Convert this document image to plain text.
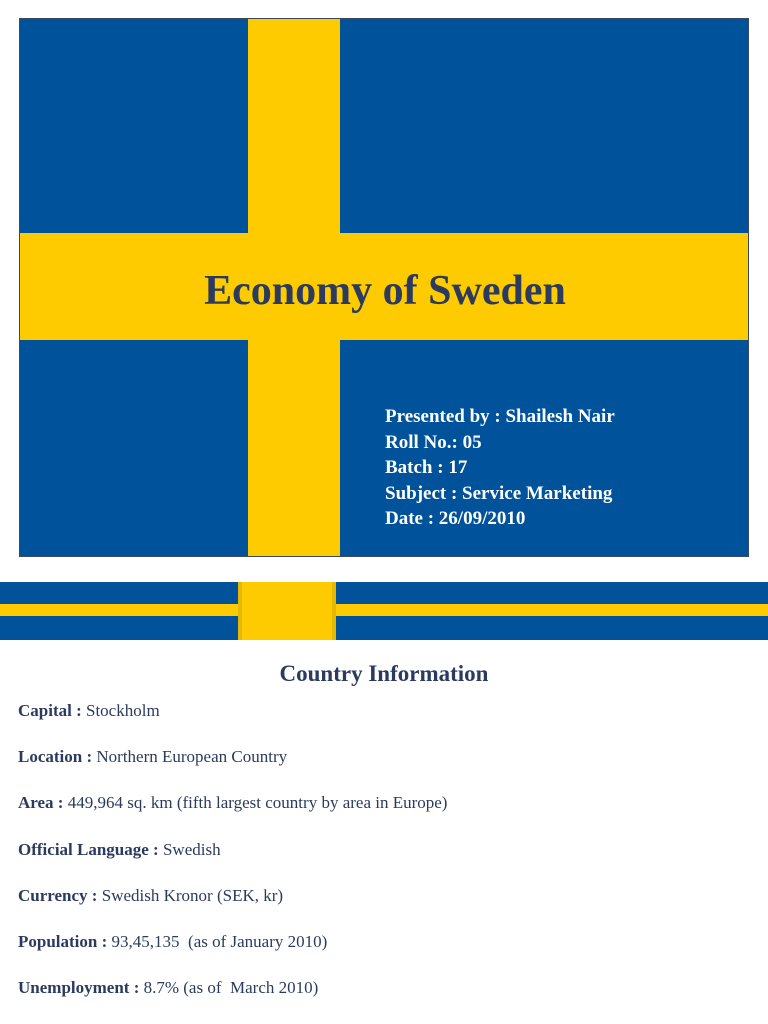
Economy of Sweden
Presented by : Shailesh Nair
Roll No.: 05
Batch : 17
Subject : Service Marketing
Date : 26/09/2010
Country Information
Capital : Stockholm
Location : Northern European Country
Area : 449,964 sq. km (fifth largest country by area in Europe)
Official Language : Swedish
Currency : Swedish Kronor (SEK, kr)
Population : 93,45,135  (as of January 2010)
Unemployment : 8.7% (as of  March 2010)
